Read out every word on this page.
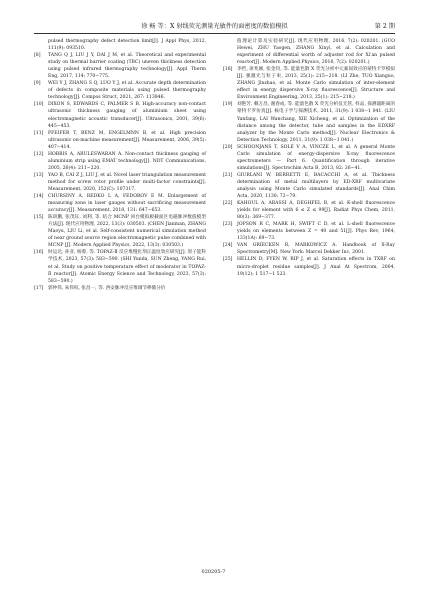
徐 畅 等：X 射线荧光测量光敏件的面密度的数值模拟	第 2 期
pulsed thermography defect detection limit[J]. J Appl Phys, 2012, 111(9): 093510.
[8] TANG Q J, LIU J Y, DAI J M, et al. Theoretical and experimental study on thermal barrier coating (TBC) uneven thickness detection using pulsed infrared thermography technology[J]. Appl Therm Eng, 2017, 114: 770−775.
[9] WEI Y J, ZHANG S Q, LUO Y J, et al. Accurate depth determination of defects in composite materials using pulsed thermography technology[J]. Compos Struct, 2021, 267: 113846.
[10] DIXON S, EDWARDS C, PALMER S B. High-accuracy non-contact ultrasonic thickness gauging of aluminium sheet using electromagnetic acoustic transducer[J]. Ultrasonics, 2001, 39(6): 445−453.
[11] PFEIFER T, BENZ M, ENGELMNN B, et al. High precision ultrasonic on-machine measurement[J]. Measurement, 2006, 39(5): 407−414.
[12] HOBBIS A, ARULESWARAN A. Non-contact thickness gauging of aluminium strip using EMAT technology[J]. NDT Communications, 2005, 26(4): 211−220.
[13] YAO B, CAI Z J, LIU J, et al. Novel laser triangulation measurement method for screw rotor profile under multi-factor constraints[J]. Measurement, 2020, 152(C): 107317.
[14] CHURSINY A, REDKO L A, FEDOROV E M. Enlargement of measuring zone in laser gauges without sacrificing measurement accuracy[J]. Measurement, 2018, 131: 647−653.
[15] 陈训鹏, 张茂钰, 刘利, 等. 结合 MCNP 回台模拟板截面区电磁脉冲数值模型方法[J]. 现代应用物理, 2022, 13(3): 030503. (CHEN Jianman, ZHANG Maoyu, LIU Li, et al. Self-consistent numerical simulation method of near ground source region electromagnetic pulse combined with MCNP [J]. Modern Applied Physics, 2022, 13(3): 030503.)
[16] 时运达, 孙亚, 杨蓉, 等. TOPAZ-Ⅱ 反应堆慢化剂正温度效应研究[J]. 原子能科学技术, 2023, 57(3): 583−590. (SHI Yunda, SUN Zheng, YANG Rui, et al. Study on positive temperature effect of moderator in TOPAZ-Ⅱ reactor[J]. Atomic Energy Science and Technology, 2023, 57(3): 583−590.)
[17] 郭仲伟, 朱伟权, 张昌一, 等. 西安脉冲反应堆调节棒微分价
值理论计算及实验研究[J]. 现代应用物理, 2016, 7(2): 020201. (GUO Hewei, ZHU Yaogen, ZHANG Xinyi, et al. Calculation and experiment of differential worth of adjuster rod for Xi'an pulsed reactor[J]. Modern Applied Physics, 2016, 7(2): 020201.)
[18] 李哲, 席兆刚, 张金钊, 等. 能量色散 X 荧光分析中元素间效应的蒙特卡罗模拟[J]. 强激光与粒子束, 2013, 25(1): 215−218. (LI Zhe, TUO Xianguo, ZHANG Jinzhao, et al. Monte Carlo simulation of inter-element effect in energy dispersive X-ray fluorescence[J]. Structure and Environment Engineering, 2013, 25(1): 215−218.)
[19] 刘艳芳, 赖万昌, 谢春成, 等. 能量色散 X 荧光分析仪无管, 样品, 探测器距离的蒙特卡罗仿真[J]. 核电子学与探测技术, 2011, 31(9): 1 038−1 041. (LIU Yanfang, LAI Wanchang, XIE Xicheng, et al. Optimization of the distance among the detector, tube and samples in the EDXRF analyzer by the Monte Carlo method[J]. Nuclear Electronics & Detection Technology, 2011, 31(9): 1 038−1 041.)
[20] SCHOONJANS T, SOLÉ V A, VINCZE L, et al. A general Monte Carlo simulation of energy-dispersive X-ray fluorescence spectrometers — Part 6. Quantification through iterative simulations[J]. Spectrochim Acta B, 2013, 82: 36−41.
[21] GIURLANI W, BERRETTI E, BACACCHI A, et al. Thickness determination of metal multilayers by ED-XRF multivariate analysis using Monte Carlo simulated standards[J]. Anal Chim Acta, 2020, 1130: 72−79.
[22] KAHOUL A, ABASSI A, DEGHFEL B, et al. K-shell fluorescence yields for element with 6 ≤ Z ≤ 99[J]. Radiat Phys Chem, 2011, 80(3): 369−377.
[23] JOPSON R C, MARK H, SWIFT C D, et al. L-shell fluorescence yields on elements between Z = 40 and 51[J]. Phys Rev, 1964, 133(1A): 69−73.
[24] VAN GRIECKEN R, MARKOWICZ A. Handbook of X-Ray Spectrometry[M]. New York: Marcel Dekker Inc, 2001.
[25] HELLIN D, FYEN W, RIP J, et al. Saturation effects in TXRF on micro-droplet residue samples[J]. J Anal At Spectrom, 2004, 19(12): 1 517−1 523.
020205-7
